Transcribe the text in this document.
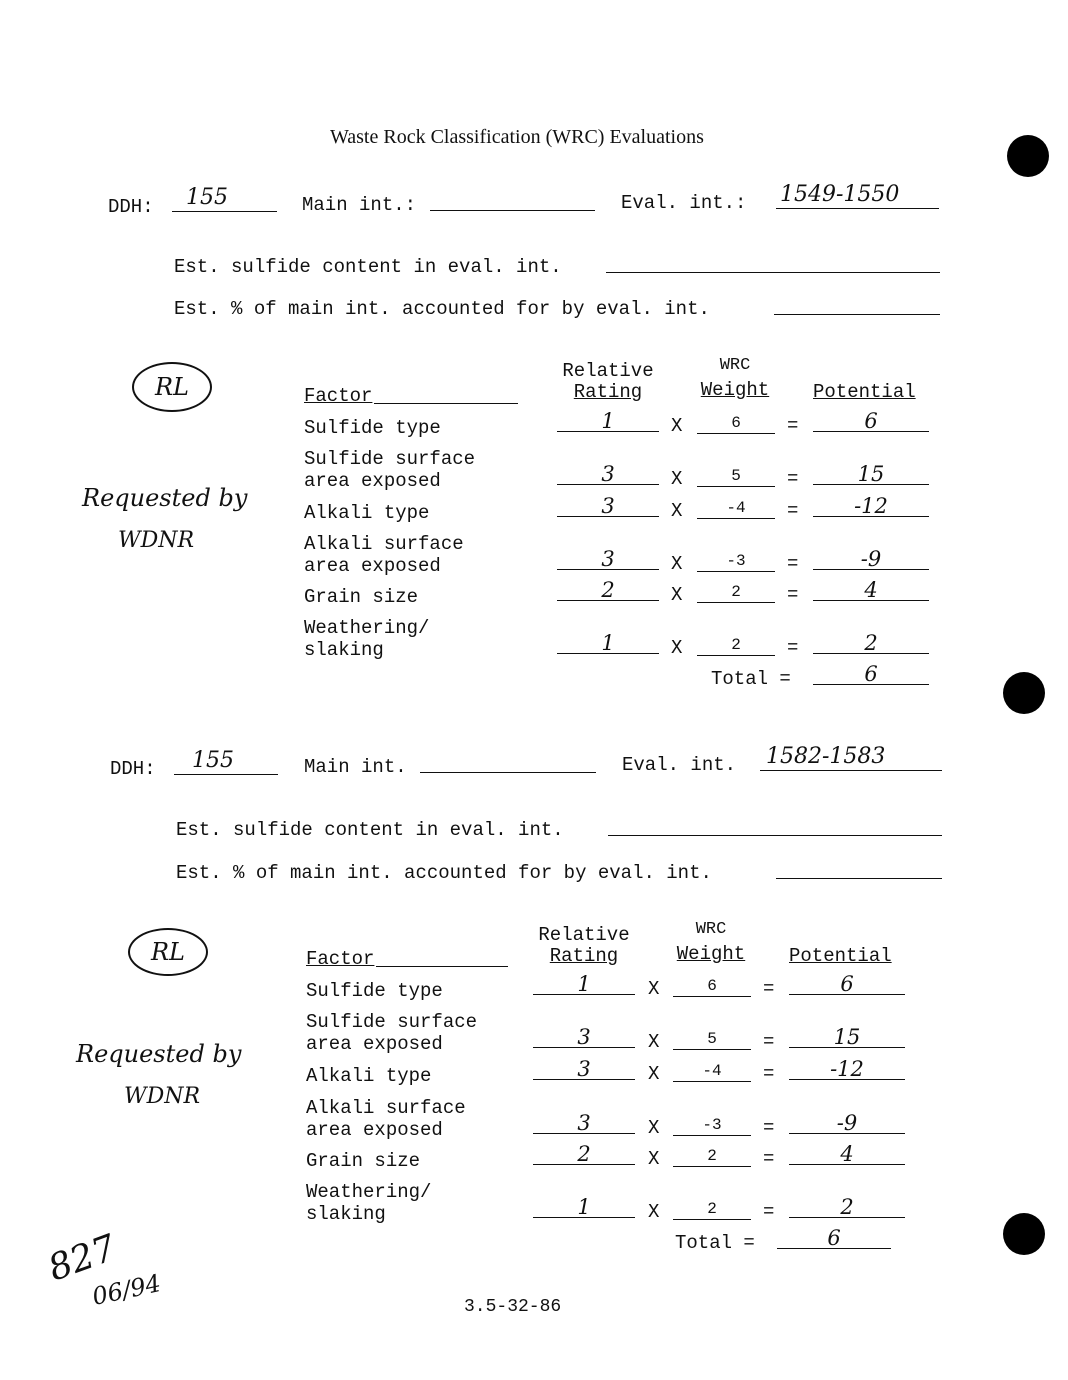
Waste Rock Classification (WRC) Evaluations
DDH: 155	Main int.:	Eval. int.: 1549-1550
Est. sulfide content in eval. int.
Est. % of main int. accounted for by eval. int.
RL
Requested by
WDNR
Factor
Relative
Rating
WRC
Weight	Potential
Sulfide type	1	X	6	=	6
Sulfide surface
area exposed	3	X	5	=	15
Alkali type	3	X	-4	=	-12
Alkali surface
area exposed	3	X	-3	=	-9
Grain size	2	X	2	=	4
Weathering/
slaking	1	X	2	=	2
Total =	6
DDH: 155	Main int.	Eval. int. 1582-1583
Est. sulfide content in eval. int.
Est. % of main int. accounted for by eval. int.
RL
Requested by
WDNR
Factor
Relative
Rating
WRC
Weight	Potential
Sulfide type	1	X	6	=	6
Sulfide surface
area exposed	3	X	5	=	15
Alkali type	3	X	-4	=	-12
Alkali surface
area exposed	3	X	-3	=	-9
Grain size	2	X	2	=	4
Weathering/
slaking	1	X	2	=	2
Total =	6
827
06/94	3.5-32-86
